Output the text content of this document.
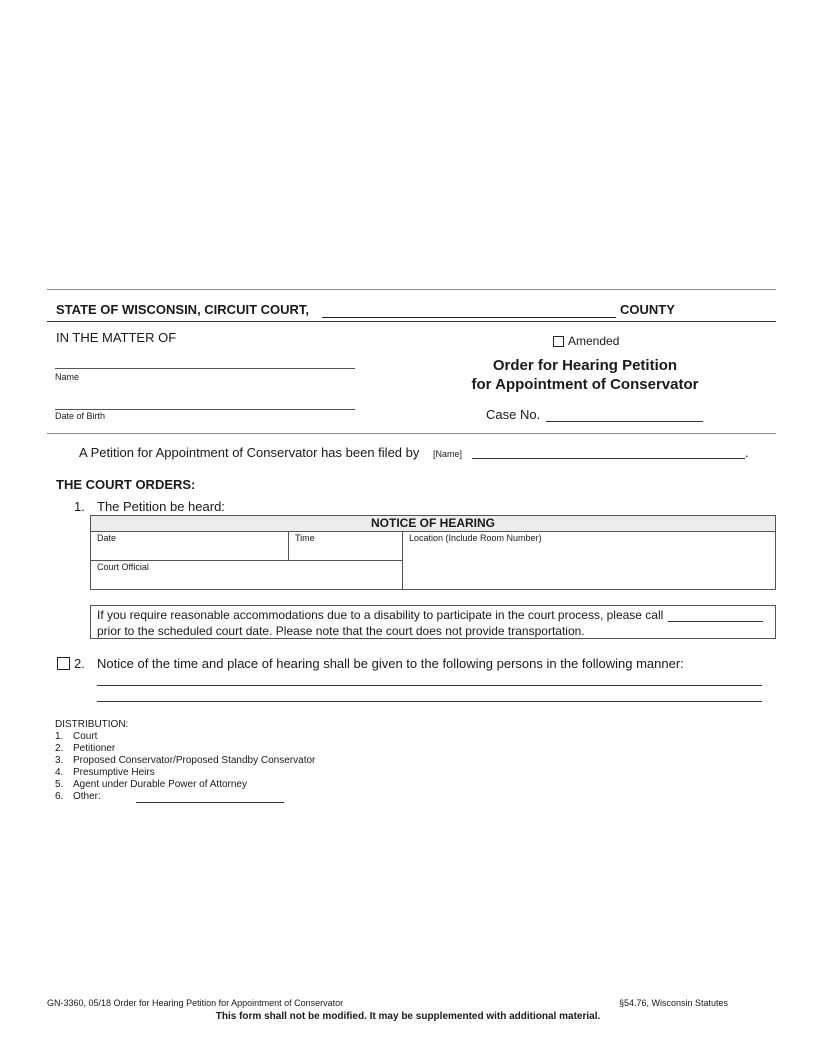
STATE OF WISCONSIN, CIRCUIT COURT,	COUNTY
IN THE MATTER OF
Name
Date of Birth
Amended
Order for Hearing Petition
for Appointment of Conservator
Case No.
A Petition for Appointment of Conservator has been filed by [Name]	.
THE COURT ORDERS:
1. The Petition be heard:
NOTICE OF HEARING
Date	Time	Location (Include Room Number)
Court Official
If you require reasonable accommodations due to a disability to participate in the court process, please call
prior to the scheduled court date. Please note that the court does not provide transportation.
2. Notice of the time and place of hearing shall be given to the following persons in the following manner:
DISTRIBUTION:
1. Court
2. Petitioner
3. Proposed Conservator/Proposed Standby Conservator
4. Presumptive Heirs
5. Agent under Durable Power of Attorney
6. Other:
GN-3360, 05/18 Order for Hearing Petition for Appointment of Conservator	§54.76, Wisconsin Statutes
This form shall not be modified. It may be supplemented with additional material.
